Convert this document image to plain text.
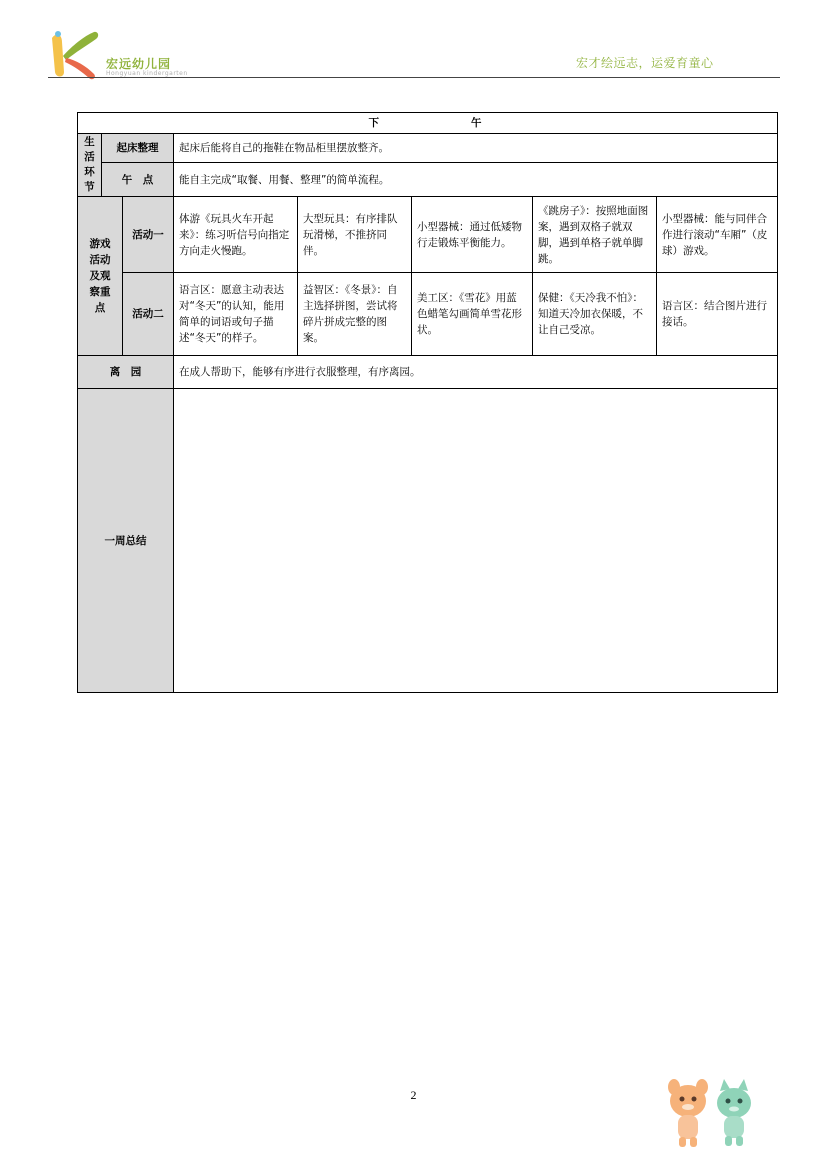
宏远幼儿园
Hongyuan kindergarten
宏才绘远志，运爱育童心
下午							
生活环节	起床整理		起床后能将自己的拖鞋在物品柜里摆放整齐。				
	午　点		能自主完成“取餐、用餐、整理”的简单流程。				
游戏活动及观察重点		活动一	体游《玩具火车开起来》：练习听信号向指定方向走火慢跑。	大型玩具：有序排队玩滑梯，不推挤同伴。	小型器械：通过低矮物行走锻炼平衡能力。	《跳房子》：按照地面图案，遇到双格子就双脚，遇到单格子就单脚跳。	小型器械：能与同伴合作进行滚动“车厢”（皮球）游戏。
		活动二	语言区：愿意主动表达对“冬天”的认知，能用简单的词语或句子描述“冬天”的样子。	益智区：《冬景》：自主选择拼图，尝试将碎片拼成完整的图案。	美工区：《雪花》用蓝色蜡笔勾画简单雪花形状。	保健：《天冷我不怕》：知道天冷加衣保暖，不让自己受凉。	语言区：结合图片进行接话。
离　园			在成人帮助下，能够有序进行衣服整理，有序离园。				
一周总结							
2
